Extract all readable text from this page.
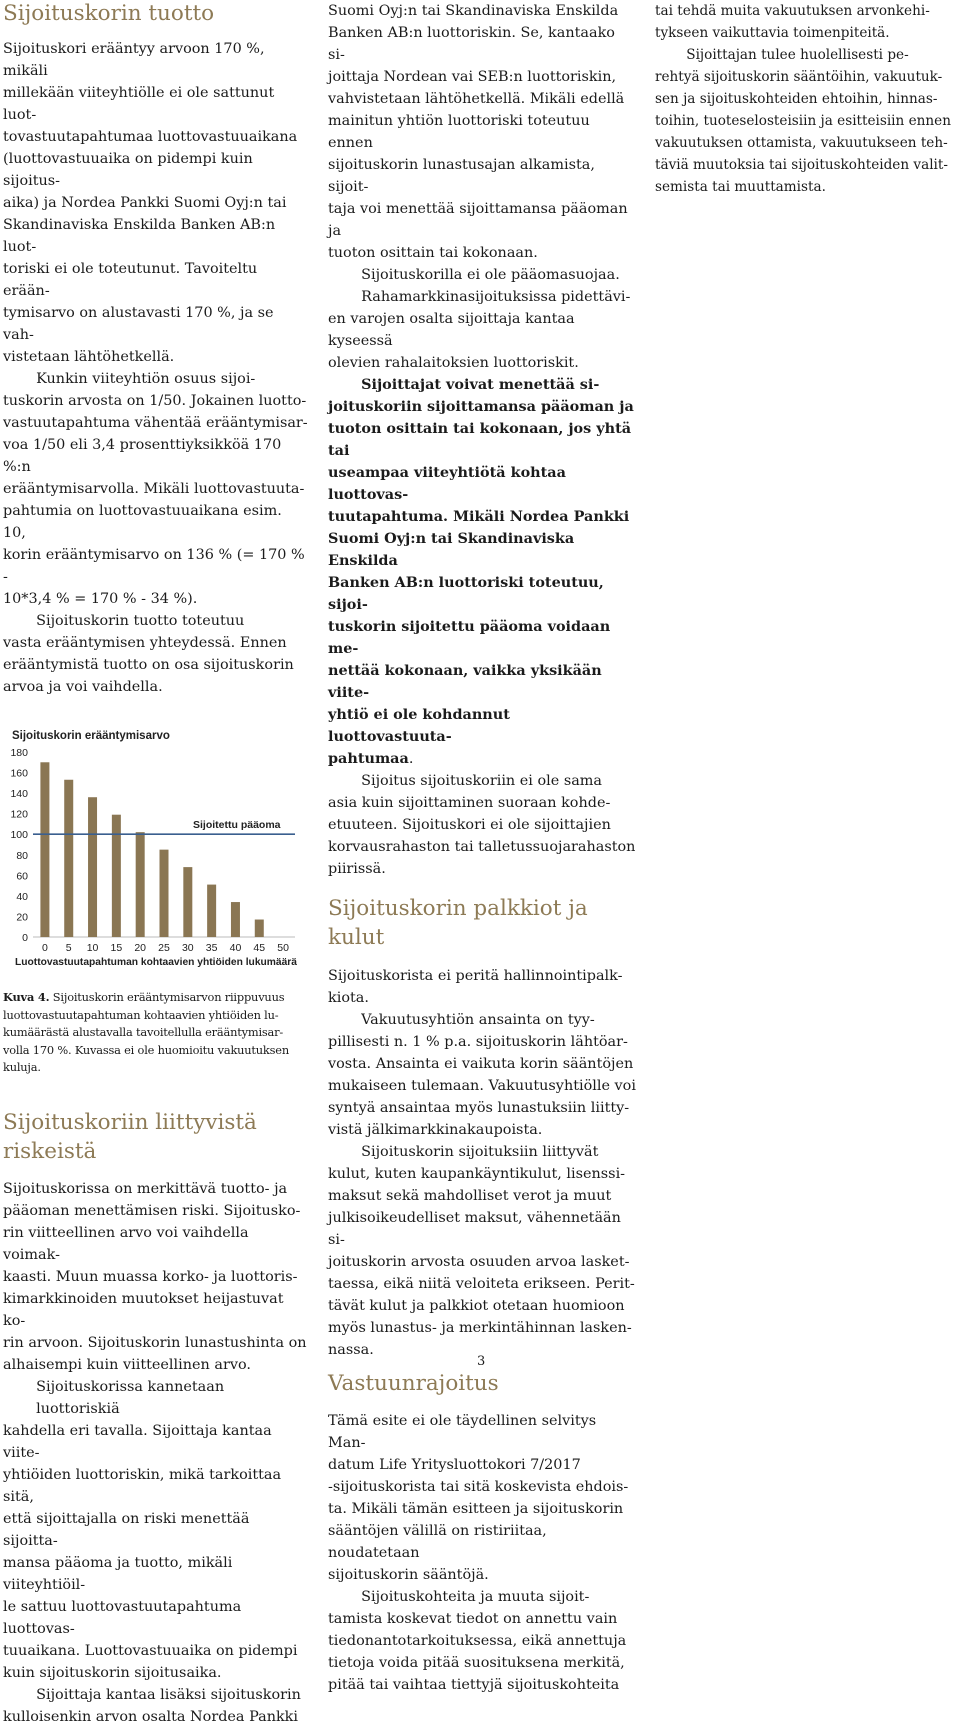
Sijoituskorin tuotto
Sijoituskori erääntyy arvoon 170 %, mikäli
millekään viiteyhtiölle ei ole sattunut luot-
tovastuutapahtumaa luottovastuuaikana
(luottovastuuaika on pidempi kuin sijoitus-
aika) ja Nordea Pankki Suomi Oyj:n tai
Skandinaviska Enskilda Banken AB:n luot-
toriski ei ole toteutunut. Tavoiteltu erään-
tymisarvo on alustavasti 170 %, ja se vah-
vistetaan lähtöhetkellä.
Kunkin viiteyhtiön osuus sijoi-
tuskorin arvosta on 1/50. Jokainen luotto-
vastuutapahtuma vähentää erääntymisar-
voa 1/50 eli 3,4 prosenttiyksikköä 170 %:n
erääntymisarvolla. Mikäli luottovastuuta-
pahtumia on luottovastuuaikana esim. 10,
korin erääntymisarvo on 136 % (= 170 % -
10*3,4 % = 170 % - 34 %).
Sijoituskorin tuotto toteutuu
vasta erääntymisen yhteydessä. Ennen
erääntymistä tuotto on osa sijoituskorin
arvoa ja voi vaihdella.
Sijoituskorin erääntymisarvo
0
20
40
60
80
100
120
140
160
180
0 5 10 15 20 25 30 35 40 45 50
Sijoitettu pääoma
Luottovastuutapahtuman kohtaavien yhtiöiden lukumäärä
Kuva 4. Sijoituskorin erääntymisarvon riippuvuus
luottovastuutapahtuman kohtaavien yhtiöiden lu-
kumäärästä alustavalla tavoitellulla erääntymisar-
volla 170 %. Kuvassa ei ole huomioitu vakuutuksen
kuluja.
Sijoituskoriin liittyvistä
riskeistä
Sijoituskorissa on merkittävä tuotto- ja
pääoman menettämisen riski. Sijoitusko-
rin viitteellinen arvo voi vaihdella voimak-
kaasti. Muun muassa korko- ja luottoris-
kimarkkinoiden muutokset heijastuvat ko-
rin arvoon. Sijoituskorin lunastushinta on
alhaisempi kuin viitteellinen arvo.
Sijoituskorissa kannetaan luottoriskiä
kahdella eri tavalla. Sijoittaja kantaa viite-
yhtiöiden luottoriskin, mikä tarkoittaa sitä,
että sijoittajalla on riski menettää sijoitta-
mansa pääoma ja tuotto, mikäli viiteyhtiöil-
le sattuu luottovastuutapahtuma luottovas-
tuuaikana. Luottovastuuaika on pidempi
kuin sijoituskorin sijoitusaika.
Sijoittaja kantaa lisäksi sijoituskorin
kulloisenkin arvon osalta Nordea Pankki
Suomi Oyj:n tai Skandinaviska Enskilda
Banken AB:n luottoriskin. Se, kantaako si-
joittaja Nordean vai SEB:n luottoriskin,
vahvistetaan lähtöhetkellä. Mikäli edellä
mainitun yhtiön luottoriski toteutuu ennen
sijoituskorin lunastusajan alkamista, sijoit-
taja voi menettää sijoittamansa pääoman ja
tuoton osittain tai kokonaan.
Sijoituskorilla ei ole pääomasuojaa.
Rahamarkkinasijoituksissa pidettävi-
en varojen osalta sijoittaja kantaa kyseessä
olevien rahalaitoksien luottoriskit.
Sijoittajat voivat menettää si-
joituskoriin sijoittamansa pääoman ja
tuoton osittain tai kokonaan, jos yhtä tai
useampaa viiteyhtiötä kohtaa luottovas-
tuutapahtuma. Mikäli Nordea Pankki
Suomi Oyj:n tai Skandinaviska Enskilda
Banken AB:n luottoriski toteutuu, sijoi-
tuskorin sijoitettu pääoma voidaan me-
nettää kokonaan, vaikka yksikään viite-
yhtiö ei ole kohdannut luottovastuuta-
pahtumaa.
Sijoitus sijoituskoriin ei ole sama
asia kuin sijoittaminen suoraan kohde-
etuuteen. Sijoituskori ei ole sijoittajien
korvausrahaston tai talletussuojarahaston
piirissä.
Sijoituskorin palkkiot ja kulut
Sijoituskorista ei peritä hallinnointipalk-
kiota.
Vakuutusyhtiön ansainta on tyy-
pillisesti n. 1 % p.a. sijoituskorin lähtöar-
vosta. Ansainta ei vaikuta korin sääntöjen
mukaiseen tulemaan. Vakuutusyhtiölle voi
syntyä ansaintaa myös lunastuksiin liitty-
vistä jälkimarkkinakaupoista.
Sijoituskorin sijoituksiin liittyvät
kulut, kuten kaupankäyntikulut, lisenssi-
maksut sekä mahdolliset verot ja muut
julkisoikeudelliset maksut, vähennetään si-
joituskorin arvosta osuuden arvoa lasket-
taessa, eikä niitä veloiteta erikseen. Perit-
tävät kulut ja palkkiot otetaan huomioon
myös lunastus- ja merkintähinnan lasken-
nassa.
Vastuunrajoitus
Tämä esite ei ole täydellinen selvitys Man-
datum Life Yritysluottokori 7/2017
-sijoituskorista tai sitä koskevista ehdois-
ta. Mikäli tämän esitteen ja sijoituskorin
sääntöjen välillä on ristiriitaa, noudatetaan
sijoituskorin sääntöjä.
Sijoituskohteita ja muuta sijoit-
tamista koskevat tiedot on annettu vain
tiedonantotarkoituksessa, eikä annettuja
tietoja voida pitää suosituksena merkitä,
pitää tai vaihtaa tiettyjä sijoituskohteita
tai tehdä muita vakuutuksen arvonkehi-
tykseen vaikuttavia toimenpiteitä.
Sijoittajan tulee huolellisesti pe-
rehtyä sijoituskorin sääntöihin, vakuutuk-
sen ja sijoituskohteiden ehtoihin, hinnas-
toihin, tuoteselosteisiin ja esitteisiin ennen
vakuutuksen ottamista, vakuutukseen teh-
täviä muutoksia tai sijoituskohteiden valit-
semista tai muuttamista.
3
